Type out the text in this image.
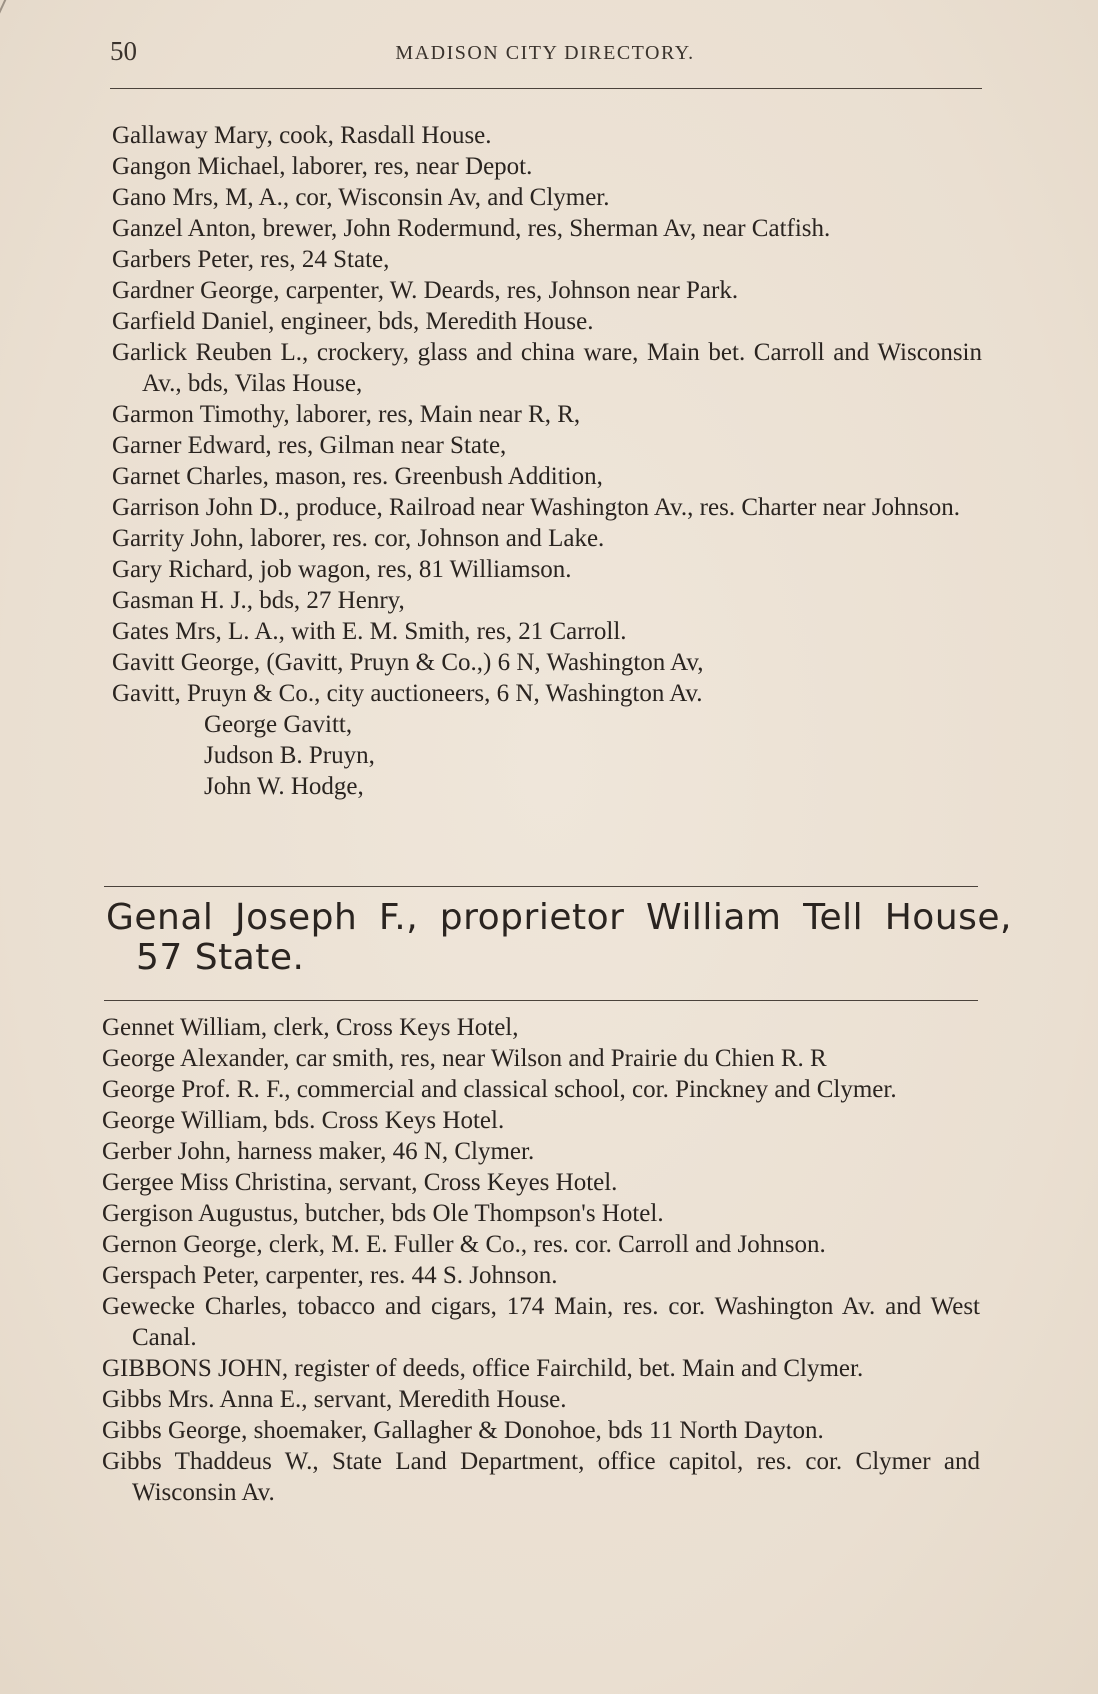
50	MADISON CITY DIRECTORY.
Gallaway Mary, cook, Rasdall House.
Gangon Michael, laborer, res, near Depot.
Gano Mrs, M, A., cor, Wisconsin Av, and Clymer.
Ganzel Anton, brewer, John Rodermund, res, Sherman Av, near Catfish.
Garbers Peter, res, 24 State,
Gardner George, carpenter, W. Deards, res, Johnson near Park.
Garfield Daniel, engineer, bds, Meredith House.
Garlick Reuben L., crockery, glass and china ware, Main bet. Carroll and Wisconsin Av., bds, Vilas House,
Garmon Timothy, laborer, res, Main near R, R,
Garner Edward, res, Gilman near State,
Garnet Charles, mason, res. Greenbush Addition,
Garrison John D., produce, Railroad near Washington Av., res. Charter near Johnson.
Garrity John, laborer, res. cor, Johnson and Lake.
Gary Richard, job wagon, res, 81 Williamson.
Gasman H. J., bds, 27 Henry,
Gates Mrs, L. A., with E. M. Smith, res, 21 Carroll.
Gavitt George, (Gavitt, Pruyn & Co.,) 6 N, Washington Av,
Gavitt, Pruyn & Co., city auctioneers, 6 N, Washington Av.
George Gavitt,
Judson B. Pruyn,
John W. Hodge,
Genal Joseph F., proprietor William Tell House, 57 State.
Gennet William, clerk, Cross Keys Hotel,
George Alexander, car smith, res, near Wilson and Prairie du Chien R. R
George Prof. R. F., commercial and classical school, cor. Pinckney and Clymer.
George William, bds. Cross Keys Hotel.
Gerber John, harness maker, 46 N, Clymer.
Gergee Miss Christina, servant, Cross Keyes Hotel.
Gergison Augustus, butcher, bds Ole Thompson's Hotel.
Gernon George, clerk, M. E. Fuller & Co., res. cor. Carroll and Johnson.
Gerspach Peter, carpenter, res. 44 S. Johnson.
Gewecke Charles, tobacco and cigars, 174 Main, res. cor. Washington Av. and West Canal.
GIBBONS JOHN, register of deeds, office Fairchild, bet. Main and Clymer.
Gibbs Mrs. Anna E., servant, Meredith House.
Gibbs George, shoemaker, Gallagher & Donohoe, bds 11 North Dayton.
Gibbs Thaddeus W., State Land Department, office capitol, res. cor. Clymer and Wisconsin Av.
